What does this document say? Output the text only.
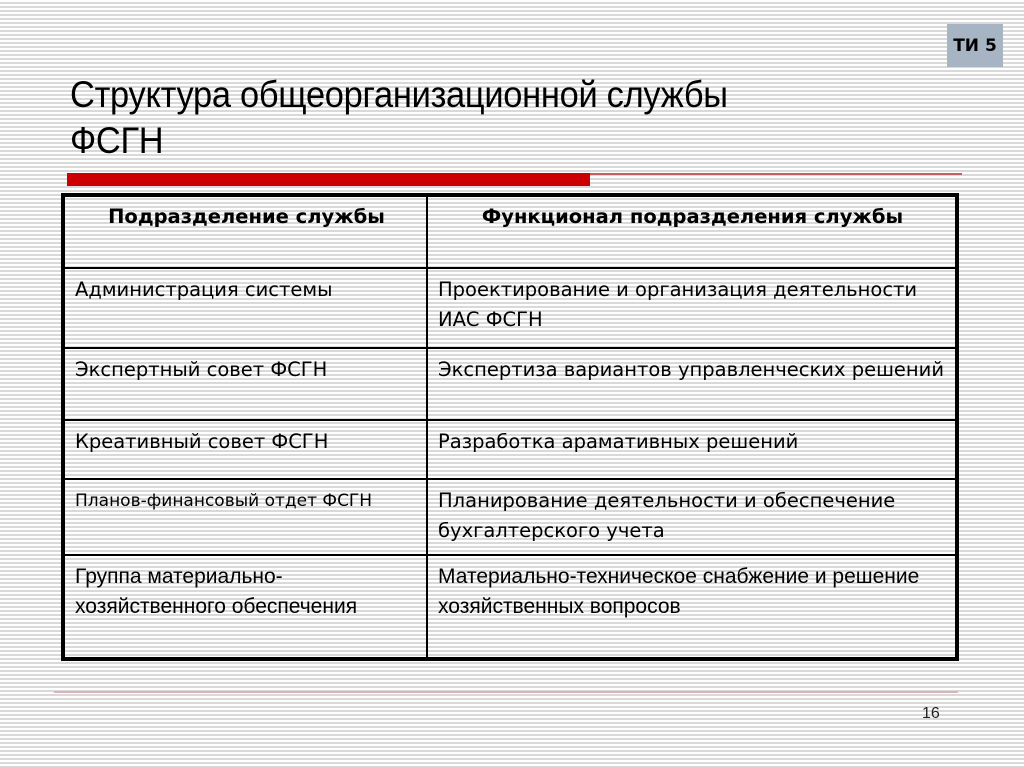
ТИ 5
Структура общеорганизационной службы
ФСГН
Подразделение службы	Функционал подразделения службы
Администрация системы	Проектирование и организация деятельности ИАС ФСГН
Экспертный совет ФСГН	Экспертиза вариантов управленческих решений
Креативный совет ФСГН	Разработка арамативных решений
Планов-финансовый отдет ФСГН	Планирование деятельности и обеспечение бухгалтерского учета
Группа материально-хозяйственного обеспечения	Материально-техническое снабжение и решение хозяйственных вопросов
16
